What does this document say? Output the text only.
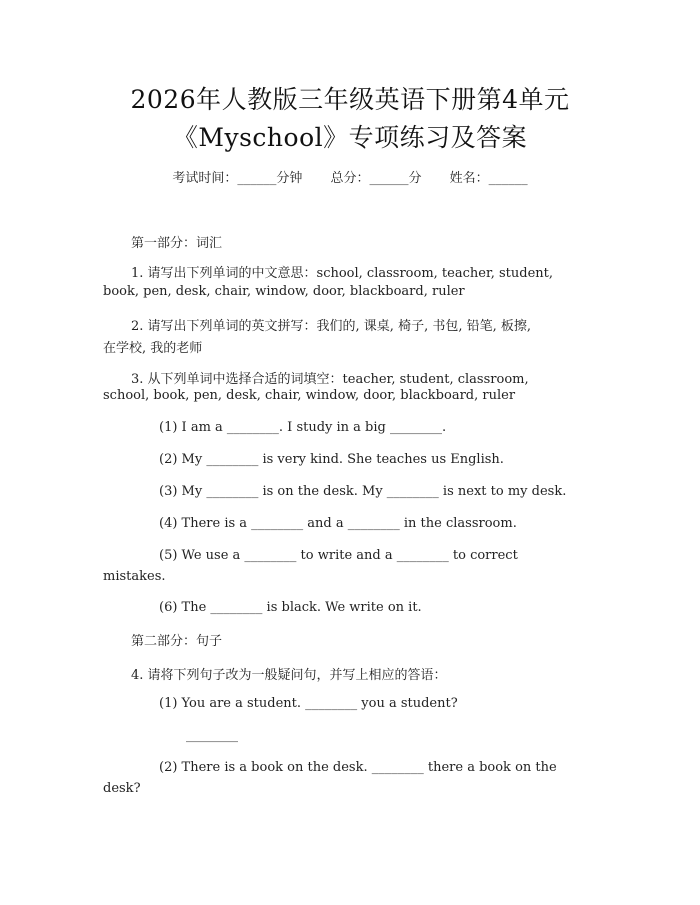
2026年人教版三年级英语下册第4单元
《Myschool》专项练习及答案
考试时间：______分钟 总分：______分 姓名：______
第一部分：词汇
1. 请写出下列单词的中文意思：school, classroom, teacher, student,
book, pen, desk, chair, window, door, blackboard, ruler
2. 请写出下列单词的英文拼写：我们的, 课桌, 椅子, 书包, 铅笔, 板擦,
在学校, 我的老师
3. 从下列单词中选择合适的词填空：teacher, student, classroom,
school, book, pen, desk, chair, window, door, blackboard, ruler
(1) I am a ________. I study in a big ________.
(2) My ________ is very kind. She teaches us English.
(3) My ________ is on the desk. My ________ is next to my desk.
(4) There is a ________ and a ________ in the classroom.
(5) We use a ________ to write and a ________ to correct
mistakes.
(6) The ________ is black. We write on it.
第二部分：句子
4. 请将下列句子改为一般疑问句，并写上相应的答语：
(1) You are a student. ________ you a student?
________
(2) There is a book on the desk. ________ there a book on the
desk?
